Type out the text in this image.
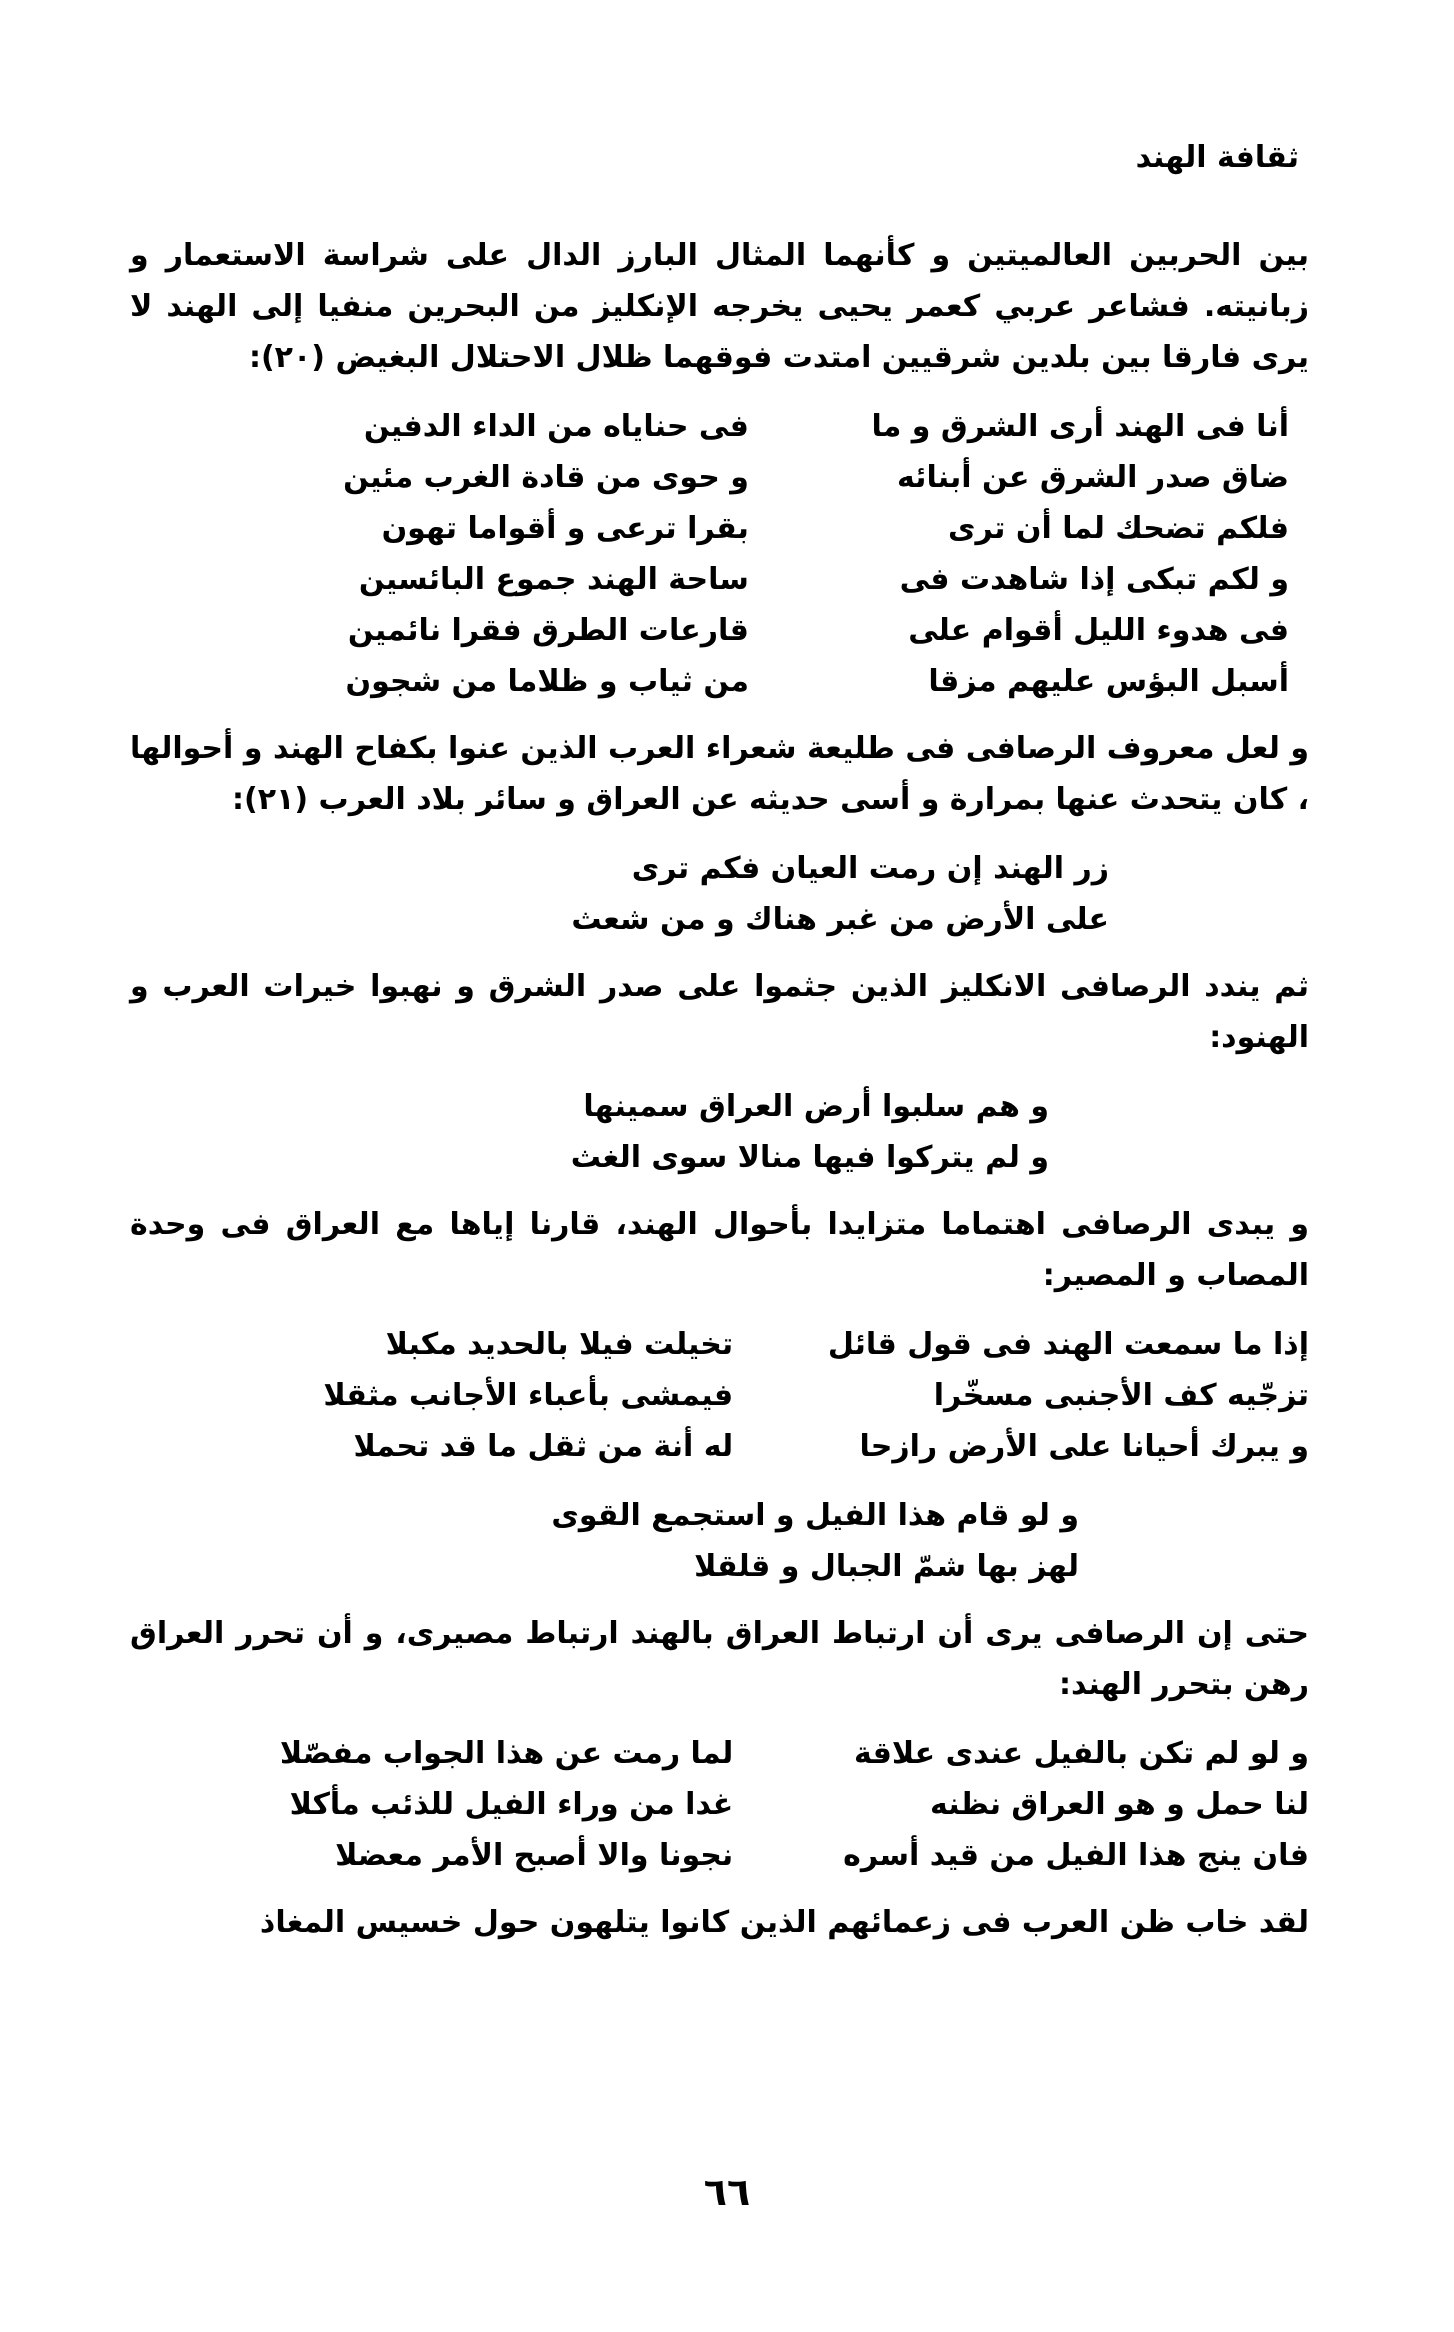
ثقافة الهند

بين الحربين العالميتين و كأنهما المثال البارز الدال على شراسة الاستعمار و زبانيته. فشاعر عربي كعمر يحيى يخرجه الإنكليز من البحرين منفيا إلى الهند لا يرى فارقا بين بلدين شرقيين امتدت فوقهما ظلال الاحتلال البغيض (٢٠):

أنا فى الهند أرى الشرق و ما
فى حناياه من الداء الدفين
ضاق صدر الشرق عن أبنائه
و حوى من قادة الغرب مئين
فلكم تضحك لما أن ترى
بقرا ترعى و أقواما تهون
و لكم تبكى إذا شاهدت فى
ساحة الهند جموع البائسين
فى هدوء الليل أقوام على
قارعات الطرق فقرا نائمين
أسبل البؤس عليهم مزقا
من ثياب و ظلاما من شجون

و لعل معروف الرصافى فى طليعة شعراء العرب الذين عنوا بكفاح الهند و أحوالها ، كان يتحدث عنها بمرارة و أسى حديثه عن العراق و سائر بلاد العرب (٢١):

زر الهند إن رمت العيان فكم ترى
على الأرض من غبر هناك و من شعث

ثم يندد الرصافى الانكليز الذين جثموا على صدر الشرق و نهبوا خيرات العرب و الهنود:

و هم سلبوا أرض العراق سمينها
و لم يتركوا فيها منالا سوى الغث

و يبدى الرصافى اهتماما متزايدا بأحوال الهند، قارنا إياها مع العراق فى وحدة المصاب و المصير:

إذا ما سمعت الهند فى قول قائل
تخيلت فيلا بالحديد مكبلا
تزجّيه كف الأجنبى مسخّرا
فيمشى بأعباء الأجانب مثقلا
و يبرك أحيانا على الأرض رازحا
له أنة من ثقل ما قد تحملا
و لو قام هذا الفيل و استجمع القوى
لهز بها شمّ الجبال و قلقلا

حتى إن الرصافى يرى أن ارتباط العراق بالهند ارتباط مصيرى، و أن تحرر العراق رهن بتحرر الهند:

و لو لم تكن بالفيل عندى علاقة
لما رمت عن هذا الجواب مفصّلا
لنا حمل و هو العراق نظنه
غدا من وراء الفيل للذئب مأكلا
فان ينج هذا الفيل من قيد أسره
نجونا والا أصبح الأمر معضلا

لقد خاب ظن العرب فى زعمائهم الذين كانوا يتلهون حول خسيس المغاذ

٦٦
